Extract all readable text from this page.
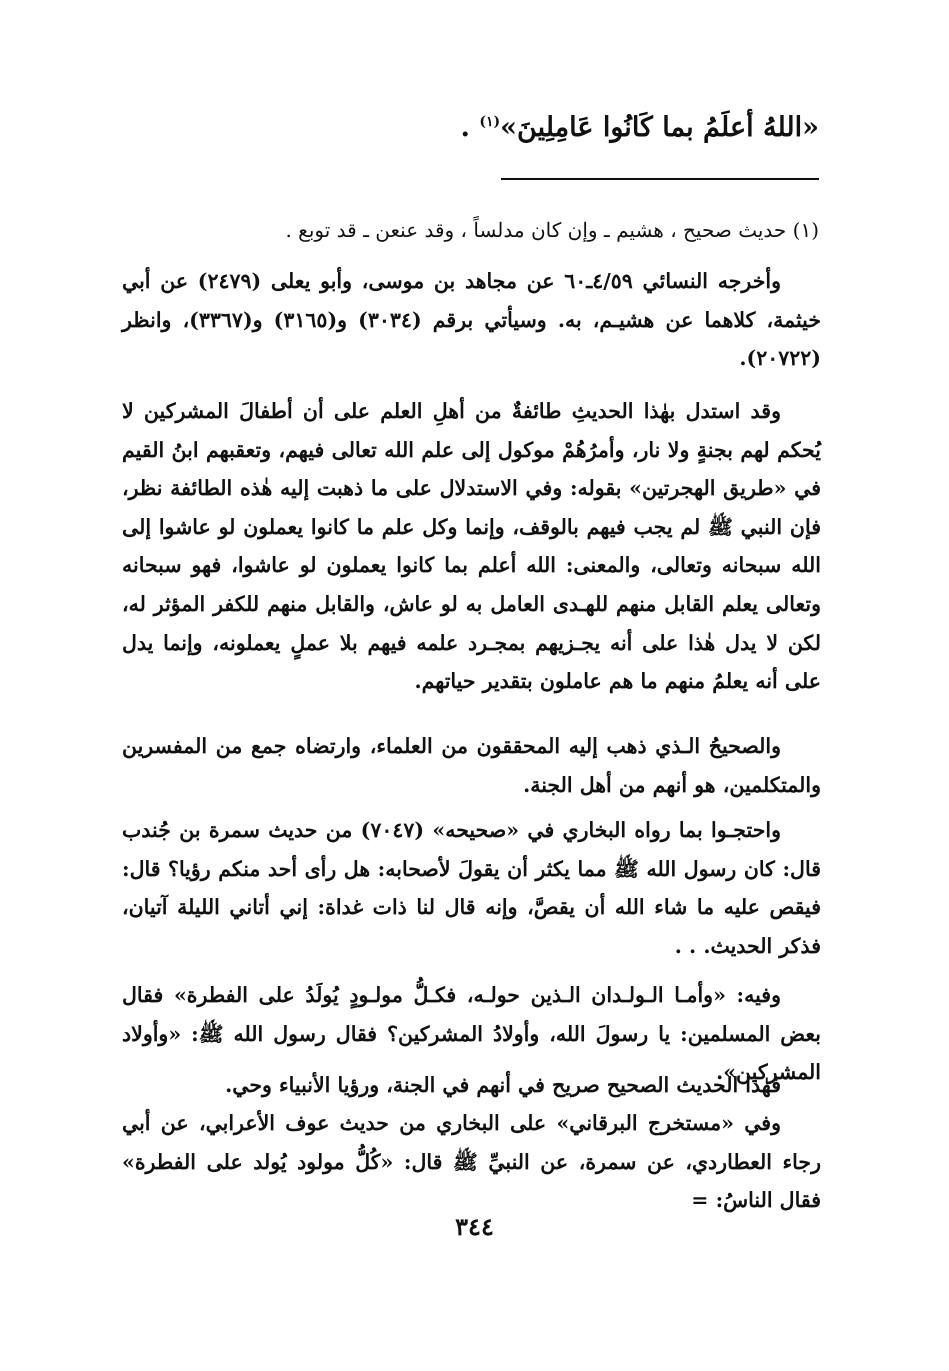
«اللهُ أعلَمُ بما كَانُوا عَامِلِينَ»$^{(١)}$ .
(١) حديث صحيح ، هشيم ـ وإن كان مدلساً ، وقد عنعن ـ قد توبع .

وأخرجه النسائي ٤/٥٩ـ٦٠ عن مجاهد بن موسى، وأبو يعلى (٢٤٧٩) عن أبي خيثمة، كلاهما عن هشيـم، به. وسيأتي برقم (٣٠٣٤) و(٣١٦٥) و(٣٣٦٧)، وانظر (٢٠٧٢٢).

وقد استدل بهٰذا الحديثِ طائفةٌ من أهلِ العلم على أن أطفالَ المشركين لا يُحكم لهم بجنةٍ ولا نار، وأمرُهُمْ موكول إلى علم الله تعالى فيهم، وتعقبهم ابنُ القيم في «طريق الهجرتين» بقوله: وفي الاستدلال على ما ذهبت إليه هٰذه الطائفة نظر، فإن النبي ﷺ لم يجب فيهم بالوقف، وإنما وكل علم ما كانوا يعملون لو عاشوا إلى الله سبحانه وتعالى، والمعنى: الله أعلم بما كانوا يعملون لو عاشوا، فهو سبحانه وتعالى يعلم القابل منهم للهـدى العامل به لو عاش، والقابل منهم للكفر المؤثر له، لكن لا يدل هٰذا على أنه يجـزيهم بمجـرد علمه فيهم بلا عملٍ يعملونه، وإنما يدل على أنه يعلمُ منهم ما هم عاملون بتقدير حياتهم.

والصحيحُ الـذي ذهب إليه المحققون من العلماء، وارتضاه جمع من المفسرين والمتكلمين، هو أنهم من أهل الجنة.

واحتجـوا بما رواه البخاري في «صحيحه» (٧٠٤٧) من حديث سمرة بن جُندب قال: كان رسول الله ﷺ مما يكثر أن يقولَ لأصحابه: هل رأى أحد منكم رؤيا؟ قال: فيقص عليه ما شاء الله أن يقصَّ، وإنه قال لنا ذات غداة: إني أتاني الليلة آتيان، فذكر الحديث. . .

وفيه: «وأمـا الـولـدان الـذين حولـه، فكـلُّ مولـودٍ يُولَدُ على الفطرة» فقال بعض المسلمين: يا رسولَ الله، وأولادُ المشركين؟ فقال رسول الله ﷺ: «وأولاد المشركين».

فهٰذا الحديث الصحيح صريح في أنهم في الجنة، ورؤيا الأنبياء وحي.

وفي «مستخرج البرقاني» على البخاري من حديث عوف الأعرابي، عن أبي رجاء العطاردي، عن سمرة، عن النبيِّ ﷺ قال: «كُلُّ مولود يُولد على الفطرة» فقال الناسُ: =

٣٤٤
